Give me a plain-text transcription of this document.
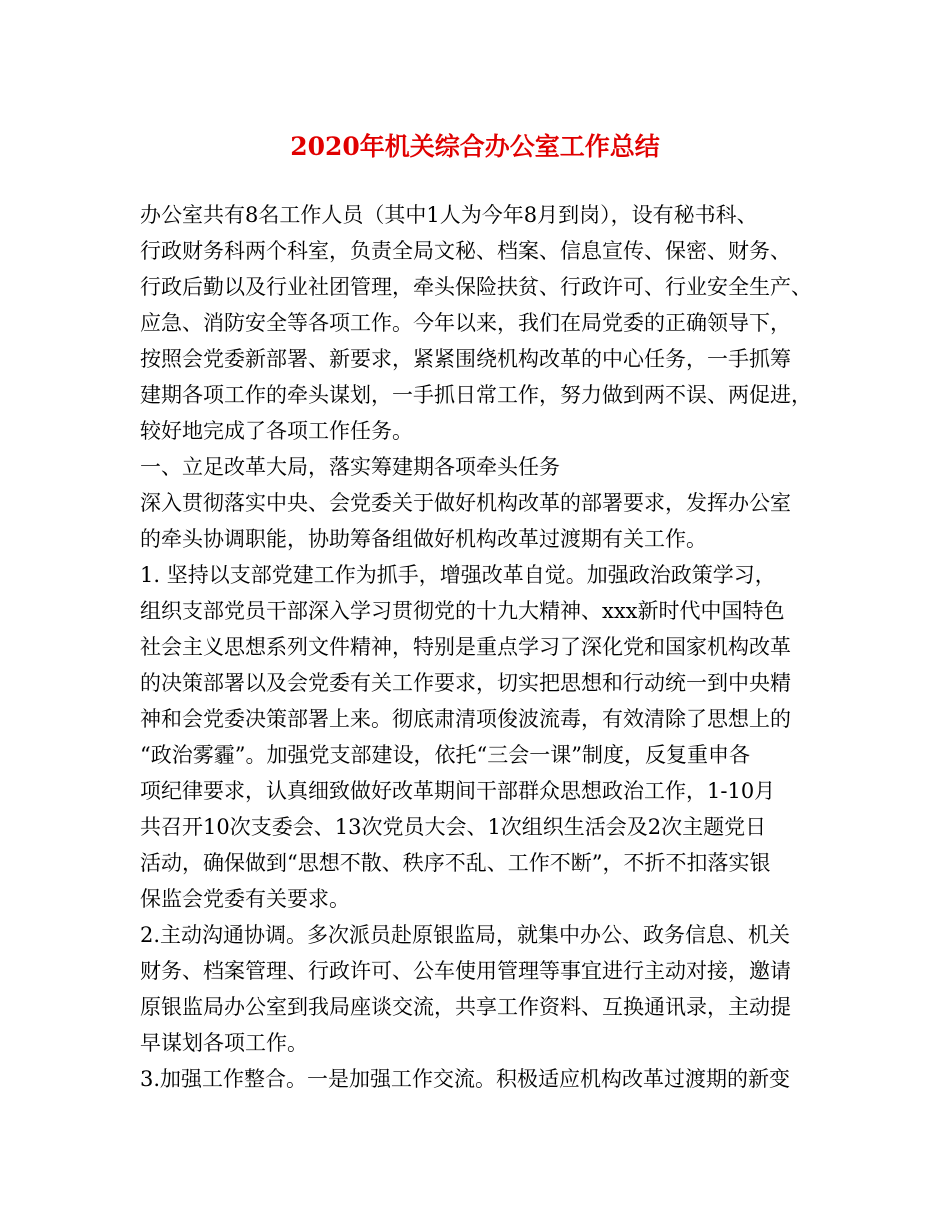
2020年机关综合办公室工作总结
办公室共有8名工作人员（其中1人为今年8月到岗），设有秘书科、
行政财务科两个科室，负责全局文秘、档案、信息宣传、保密、财务、
行政后勤以及行业社团管理，牵头保险扶贫、行政许可、行业安全生产、
应急、消防安全等各项工作。今年以来，我们在局党委的正确领导下，
按照会党委新部署、新要求，紧紧围绕机构改革的中心任务，一手抓筹
建期各项工作的牵头谋划，一手抓日常工作，努力做到两不误、两促进，
较好地完成了各项工作任务。
一、立足改革大局，落实筹建期各项牵头任务
深入贯彻落实中央、会党委关于做好机构改革的部署要求，发挥办公室
的牵头协调职能，协助筹备组做好机构改革过渡期有关工作。
1. 坚持以支部党建工作为抓手，增强改革自觉。加强政治政策学习，
组织支部党员干部深入学习贯彻党的十九大精神、xxx新时代中国特色
社会主义思想系列文件精神，特别是重点学习了深化党和国家机构改革
的决策部署以及会党委有关工作要求，切实把思想和行动统一到中央精
神和会党委决策部署上来。彻底肃清项俊波流毒，有效清除了思想上的
“政治雾霾”。加强党支部建设，依托“三会一课”制度，反复重申各
项纪律要求，认真细致做好改革期间干部群众思想政治工作，1-10月
共召开10次支委会、13次党员大会、1次组织生活会及2次主题党日
活动，确保做到“思想不散、秩序不乱、工作不断”，不折不扣落实银
保监会党委有关要求。
2.主动沟通协调。多次派员赴原银监局，就集中办公、政务信息、机关
财务、档案管理、行政许可、公车使用管理等事宜进行主动对接，邀请
原银监局办公室到我局座谈交流，共享工作资料、互换通讯录，主动提
早谋划各项工作。
3.加强工作整合。一是加强工作交流。积极适应机构改革过渡期的新变
